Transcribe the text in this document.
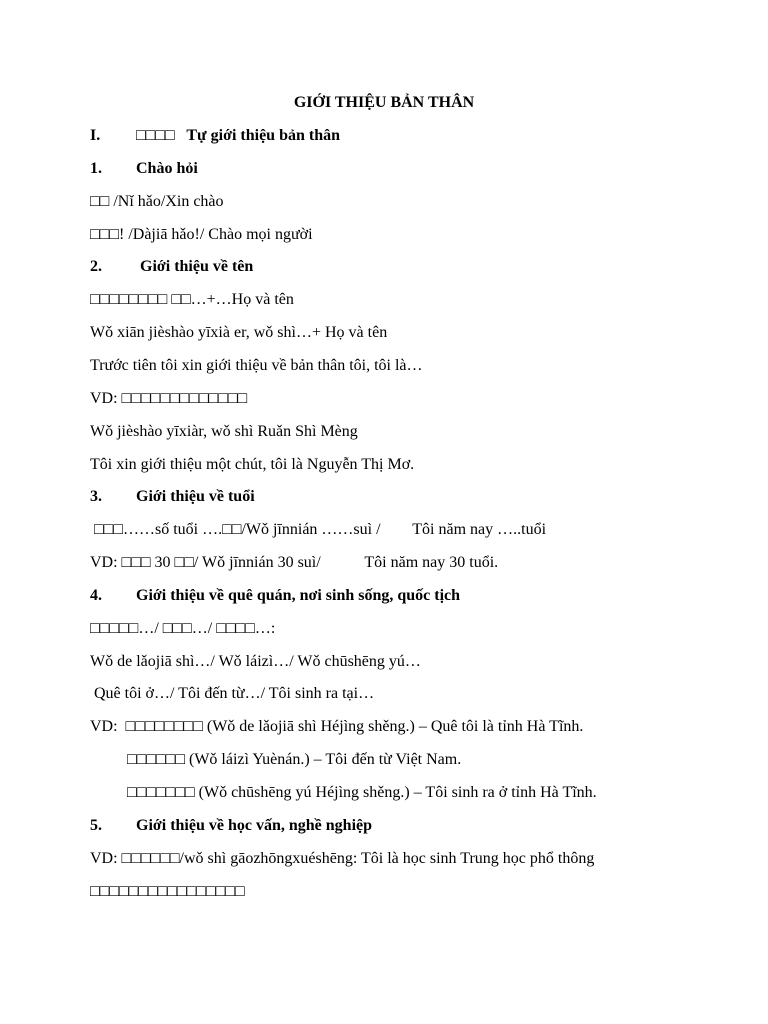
GIỚI THIỆU BẢN THÂN
I. □□□□   Tự giới thiệu bản thân
1. Chào hỏi
□□ /Nǐ hǎo/Xin chào
□□□! /Dàjiā hǎo!/ Chào mọi người
2. Giới thiệu về tên
□□□□□□□□ □□…+…Họ và tên
Wǒ xiān jièshào yīxià er, wǒ shì…+ Họ và tên
Trước tiên tôi xin giới thiệu về bản thân tôi, tôi là…
VD: □□□□□□□□□□□□□
Wǒ jièshào yīxiàr, wǒ shì Ruǎn Shì Mèng
Tôi xin giới thiệu một chút, tôi là Nguyễn Thị Mơ.
3. Giới thiệu về tuổi
□□□……số tuổi ….□□/Wǒ jīnnián ……suì /        Tôi năm nay …..tuổi
VD: □□□ 30 □□/ Wǒ jīnnián 30 suì/           Tôi năm nay 30 tuổi.
4. Giới thiệu về quê quán, nơi sinh sống, quốc tịch
□□□□□…/ □□□…/ □□□□…:
Wǒ de lǎojiā shì…/ Wǒ láizì…/ Wǒ chūshēng yú…
Quê tôi ở…/ Tôi đến từ…/ Tôi sinh ra tại…
VD:  □□□□□□□□ (Wǒ de lǎojiā shì Héjìng shěng.) – Quê tôi là tỉnh Hà Tĩnh.
□□□□□□ (Wǒ láizì Yuènán.) – Tôi đến từ Việt Nam.
□□□□□□□ (Wǒ chūshēng yú Héjìng shěng.) – Tôi sinh ra ở tỉnh Hà Tĩnh.
5. Giới thiệu về học vấn, nghề nghiệp
VD: □□□□□□/wǒ shì gāozhōngxuéshēng: Tôi là học sinh Trung học phổ thông
□□□□□□□□□□□□□□□□
